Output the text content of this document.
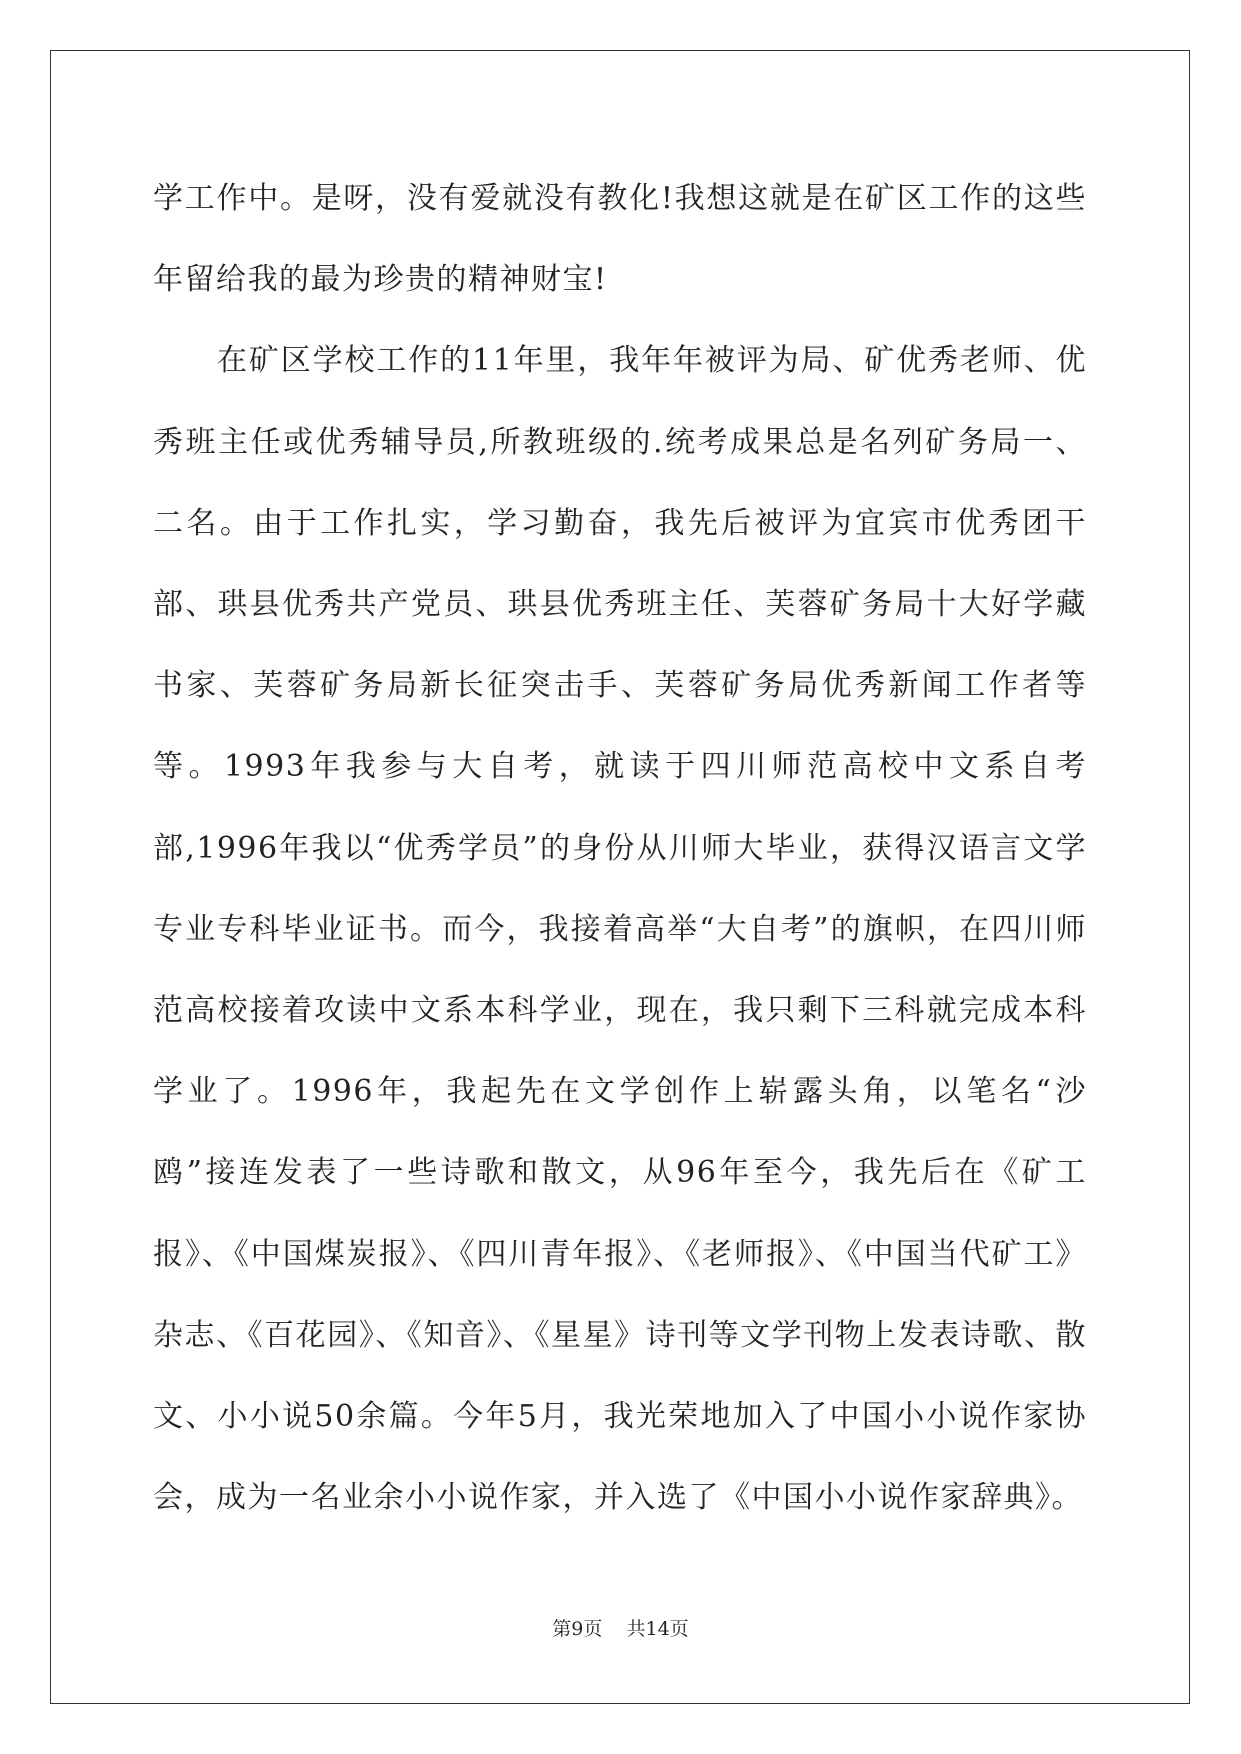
学工作中。是呀，没有爱就没有教化!我想这就是在矿区工作的这些年留给我的最为珍贵的精神财宝!

在矿区学校工作的11年里，我年年被评为局、矿优秀老师、优秀班主任或优秀辅导员,所教班级的.统考成果总是名列矿务局一、二名。由于工作扎实，学习勤奋，我先后被评为宜宾市优秀团干部、珙县优秀共产党员、珙县优秀班主任、芙蓉矿务局十大好学藏书家、芙蓉矿务局新长征突击手、芙蓉矿务局优秀新闻工作者等等。1993年我参与大自考，就读于四川师范高校中文系自考部,1996年我以“优秀学员”的身份从川师大毕业，获得汉语言文学专业专科毕业证书。而今，我接着高举“大自考”的旗帜，在四川师范高校接着攻读中文系本科学业，现在，我只剩下三科就完成本科学业了。1996年，我起先在文学创作上崭露头角，以笔名“沙鸥”接连发表了一些诗歌和散文，从96年至今，我先后在《矿工报》、《中国煤炭报》、《四川青年报》、《老师报》、《中国当代矿工》杂志、《百花园》、《知音》、《星星》诗刊等文学刊物上发表诗歌、散文、小小说50余篇。今年5月，我光荣地加入了中国小小说作家协会，成为一名业余小小说作家，并入选了《中国小小说作家辞典》。

第9页    共14页
